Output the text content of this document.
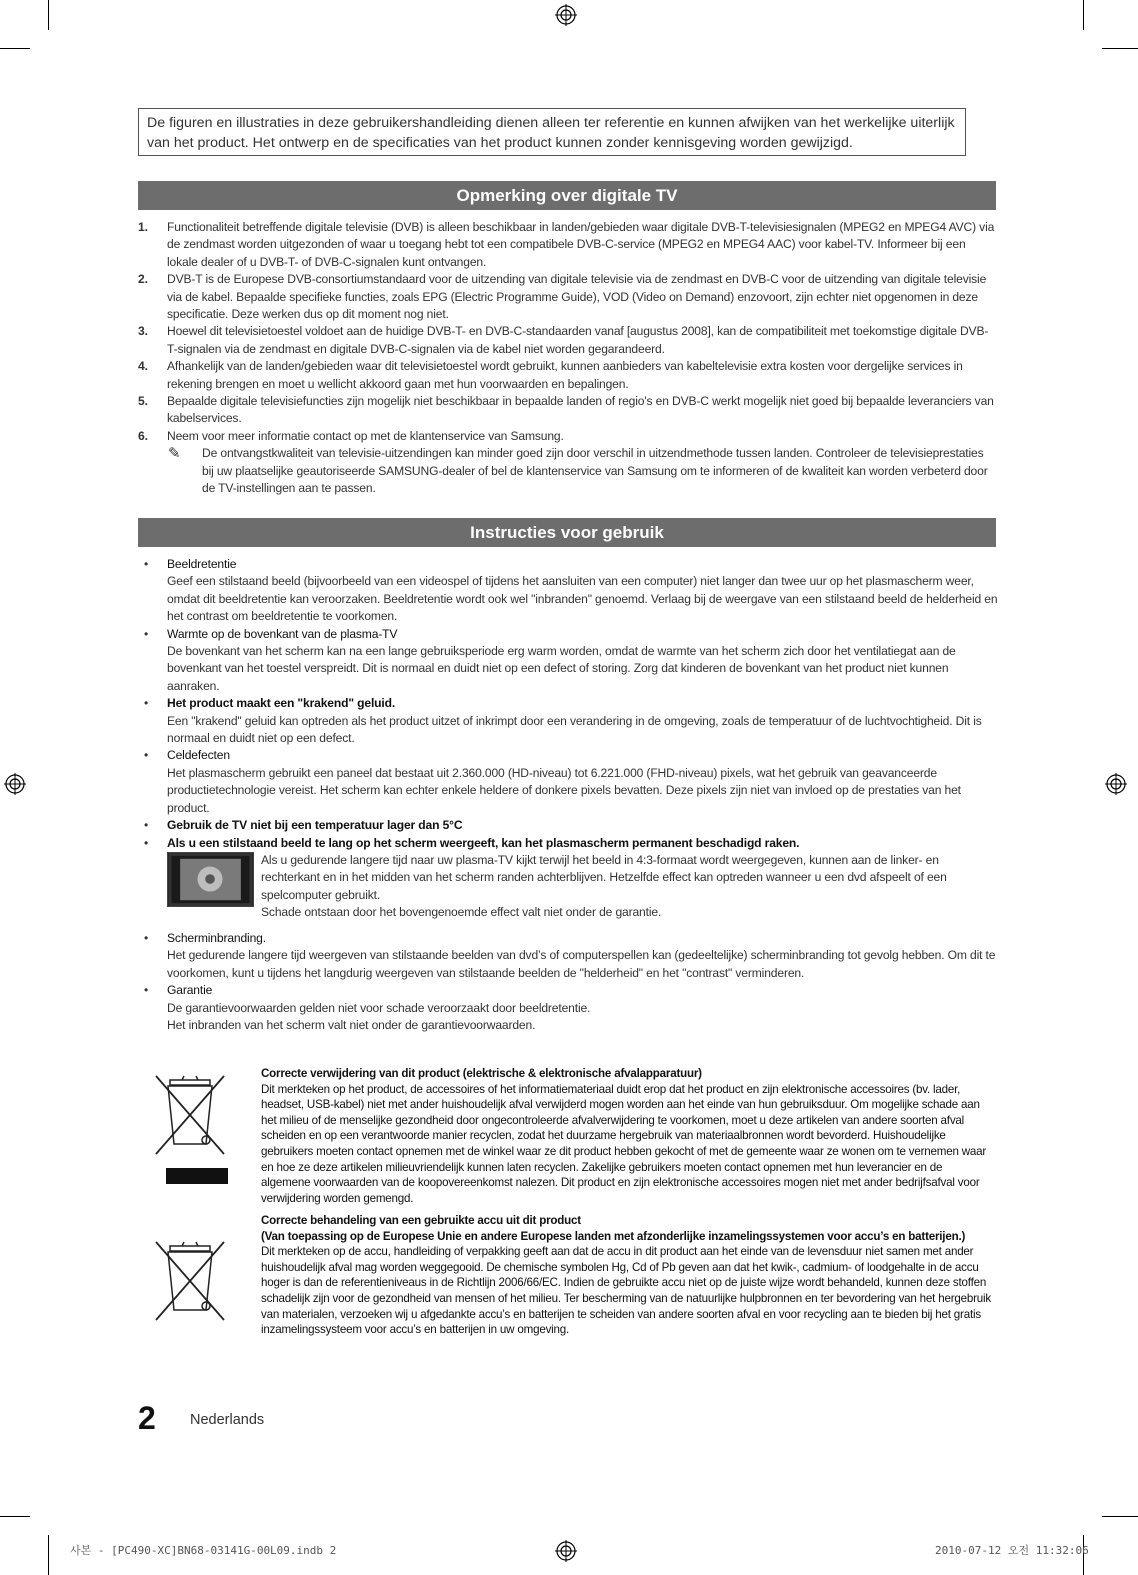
De figuren en illustraties in deze gebruikershandleiding dienen alleen ter referentie en kunnen afwijken van het werkelijke uiterlijk van het product. Het ontwerp en de specificaties van het product kunnen zonder kennisgeving worden gewijzigd.
Opmerking over digitale TV
1. Functionaliteit betreffende digitale televisie (DVB) is alleen beschikbaar in landen/gebieden waar digitale DVB-T-televisiesignalen (MPEG2 en MPEG4 AVC) via de zendmast worden uitgezonden of waar u toegang hebt tot een compatibele DVB-C-service (MPEG2 en MPEG4 AAC) voor kabel-TV. Informeer bij een lokale dealer of u DVB-T- of DVB-C-signalen kunt ontvangen.
2. DVB-T is de Europese DVB-consortiumstandaard voor de uitzending van digitale televisie via de zendmast en DVB-C voor de uitzending van digitale televisie via de kabel. Bepaalde specifieke functies, zoals EPG (Electric Programme Guide), VOD (Video on Demand) enzovoort, zijn echter niet opgenomen in deze specificatie. Deze werken dus op dit moment nog niet.
3. Hoewel dit televisietoestel voldoet aan de huidige DVB-T- en DVB-C-standaarden vanaf [augustus 2008], kan de compatibiliteit met toekomstige digitale DVB-T-signalen via de zendmast en digitale DVB-C-signalen via de kabel niet worden gegarandeerd.
4. Afhankelijk van de landen/gebieden waar dit televisietoestel wordt gebruikt, kunnen aanbieders van kabeltelevisie extra kosten voor dergelijke services in rekening brengen en moet u wellicht akkoord gaan met hun voorwaarden en bepalingen.
5. Bepaalde digitale televisiefuncties zijn mogelijk niet beschikbaar in bepaalde landen of regio's en DVB-C werkt mogelijk niet goed bij bepaalde leveranciers van kabelservices.
6. Neem voor meer informatie contact op met de klantenservice van Samsung.
✎ De ontvangstkwaliteit van televisie-uitzendingen kan minder goed zijn door verschil in uitzendmethode tussen landen. Controleer de televisieprestaties bij uw plaatselijke geautoriseerde SAMSUNG-dealer of bel de klantenservice van Samsung om te informeren of de kwaliteit kan worden verbeterd door de TV-instellingen aan te passen.
Instructies voor gebruik
• Beeldretentie
Geef een stilstaand beeld (bijvoorbeeld van een videospel of tijdens het aansluiten van een computer) niet langer dan twee uur op het plasmascherm weer, omdat dit beeldretentie kan veroorzaken. Beeldretentie wordt ook wel "inbranden" genoemd. Verlaag bij de weergave van een stilstaand beeld de helderheid en het contrast om beeldretentie te voorkomen.
• Warmte op de bovenkant van de plasma-TV
De bovenkant van het scherm kan na een lange gebruiksperiode erg warm worden, omdat de warmte van het scherm zich door het ventilatiegat aan de bovenkant van het toestel verspreidt. Dit is normaal en duidt niet op een defect of storing. Zorg dat kinderen de bovenkant van het product niet kunnen aanraken.
• Het product maakt een "krakend" geluid.
Een "krakend" geluid kan optreden als het product uitzet of inkrimpt door een verandering in de omgeving, zoals de temperatuur of de luchtvochtigheid. Dit is normaal en duidt niet op een defect.
• Celdefecten
Het plasmascherm gebruikt een paneel dat bestaat uit 2.360.000 (HD-niveau) tot 6.221.000 (FHD-niveau) pixels, wat het gebruik van geavanceerde productietechnologie vereist. Het scherm kan echter enkele heldere of donkere pixels bevatten. Deze pixels zijn niet van invloed op de prestaties van het product.
• Gebruik de TV niet bij een temperatuur lager dan 5°C
• Als u een stilstaand beeld te lang op het scherm weergeeft, kan het plasmascherm permanent beschadigd raken.
Als u gedurende langere tijd naar uw plasma-TV kijkt terwijl het beeld in 4:3-formaat wordt weergegeven, kunnen aan de linker- en rechterkant en in het midden van het scherm randen achterblijven. Hetzelfde effect kan optreden wanneer u een dvd afspeelt of een spelcomputer gebruikt.
Schade ontstaan door het bovengenoemde effect valt niet onder de garantie.
• Scherminbranding.
Het gedurende langere tijd weergeven van stilstaande beelden van dvd’s of computerspellen kan (gedeeltelijke) scherminbranding tot gevolg hebben. Om dit te voorkomen, kunt u tijdens het langdurig weergeven van stilstaande beelden de "helderheid" en het "contrast" verminderen.
• Garantie
De garantievoorwaarden gelden niet voor schade veroorzaakt door beeldretentie.
Het inbranden van het scherm valt niet onder de garantievoorwaarden.
Correcte verwijdering van dit product (elektrische & elektronische afvalapparatuur)
Dit merkteken op het product, de accessoires of het informatiemateriaal duidt erop dat het product en zijn elektronische accessoires (bv. lader, headset, USB-kabel) niet met ander huishoudelijk afval verwijderd mogen worden aan het einde van hun gebruiksduur. Om mogelijke schade aan het milieu of de menselijke gezondheid door ongecontroleerde afvalverwijdering te voorkomen, moet u deze artikelen van andere soorten afval scheiden en op een verantwoorde manier recyclen, zodat het duurzame hergebruik van materiaalbronnen wordt bevorderd. Huishoudelijke gebruikers moeten contact opnemen met de winkel waar ze dit product hebben gekocht of met de gemeente waar ze wonen om te vernemen waar en hoe ze deze artikelen milieuvriendelijk kunnen laten recyclen. Zakelijke gebruikers moeten contact opnemen met hun leverancier en de algemene voorwaarden van de koopovereenkomst nalezen. Dit product en zijn elektronische accessoires mogen niet met ander bedrijfsafval voor verwijdering worden gemengd.
Correcte behandeling van een gebruikte accu uit dit product
(Van toepassing op de Europese Unie en andere Europese landen met afzonderlijke inzamelingssystemen voor accu’s en batterijen.)
Dit merkteken op de accu, handleiding of verpakking geeft aan dat de accu in dit product aan het einde van de levensduur niet samen met ander huishoudelijk afval mag worden weggegooid. De chemische symbolen Hg, Cd of Pb geven aan dat het kwik-, cadmium- of loodgehalte in de accu hoger is dan de referentieniveaus in de Richtlijn 2006/66/EC. Indien de gebruikte accu niet op de juiste wijze wordt behandeld, kunnen deze stoffen schadelijk zijn voor de gezondheid van mensen of het milieu. Ter bescherming van de natuurlijke hulpbronnen en ter bevordering van het hergebruik van materialen, verzoeken wij u afgedankte accu’s en batterijen te scheiden van andere soorten afval en voor recycling aan te bieden bij het gratis inzamelingssysteem voor accu’s en batterijen in uw omgeving.
2 Nederlands
사본 - [PC490-XC]BN68-03141G-00L09.indb 2	2010-07-12 오전 11:32:06
